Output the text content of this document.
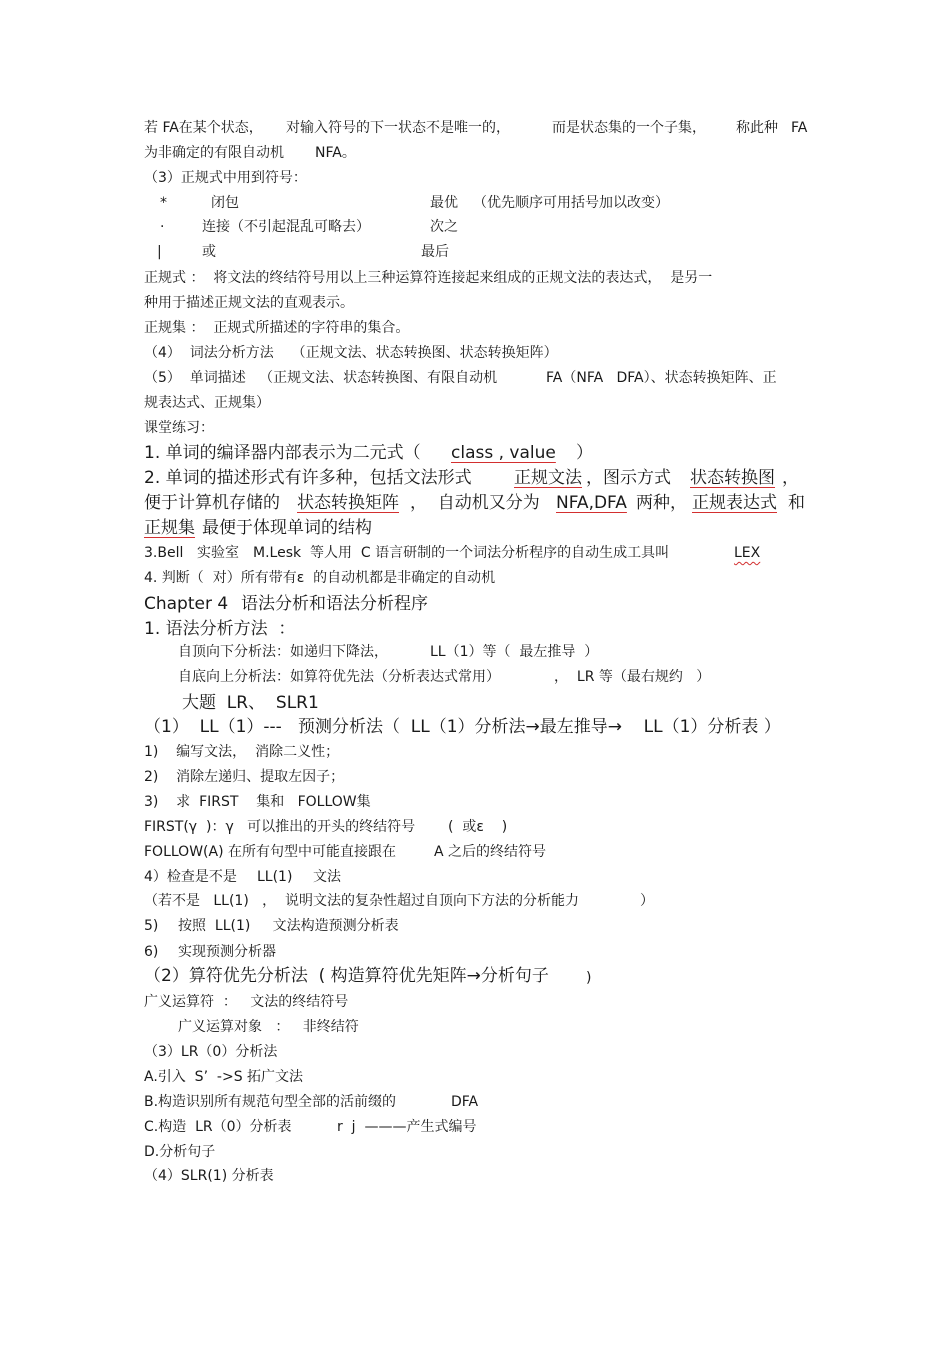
若 FA在某个状态， 对输入符号的下一状态不是唯一的，	而是状态集的一个子集， 称此种 FA
为非确定的有限自动机 NFA。
（3）正规式中用到符号：
*	闭包	最优 （优先顺序可用括号加以改变）
·	连接（不引起混乱可略去）	次之
|	或	最后
正规式 ：  将文法的终结符号用以上三种运算符连接起来组成的正规文法的表达式，  是另一
种用于描述正规文法的直观表示。
正规集 ：  正规式所描述的字符串的集合。
（4）  词法分析方法    （正规文法、状态转换图、状态转换矩阵）
（5）  单词描述   （正规文法、状态转换图、有限自动机	FA（NFA   DFA）、状态转换矩阵、正
规表达式、正规集）
课堂练习：
1. 单词的编译器内部表示为二元式（ class , value ）
2. 单词的描述形式有许多种，包括文法形式 正规文法 ，图示方式 状态转换图 ，
便于计算机存储的 状态转换矩阵 ，  自动机又分为 NFA,DFA 两种， 正规表达式 和
正规集 最便于体现单词的结构
3.Bell 实验室 M.Lesk  等人用  C 语言研制的一个词法分析程序的自动生成工具叫	LEX
4. 判断（  对）所有带有ε  的自动机都是非确定的自动机
Chapter 4 语法分析和语法分析程序
1. 语法分析方法  ：
自顶向下分析法：如递归下降法，	LL（1）等（  最左推导  ）
自底向上分析法：如算符优先法（分析表达式常用）	，  LR 等（最右规约   ）
大题  LR、  SLR1
（1）  LL（1）---   预测分析法（  LL（1）分析法→最左推导→    LL（1）分析表 ）
1)    编写文法，  消除二义性；
2)    消除左递归、提取左因子；
3)    求  FIRST    集和   FOLLOW集
FIRST(γ  )：γ   可以推出的开头的终结符号 (  或ε    )
FOLLOW(A) 在所有句型中可能直接跟在	A 之后的终结符号
4）检查是不是 LL(1) 文法
（若不是   LL(1)   ，  说明文法的复杂性超过自顶向下方法的分析能力	）
5) 按照  LL(1)     文法构造预测分析表
6) 实现预测分析器
（2）算符优先分析法  ( 构造算符优先矩阵→分析句子	)
广义运算符  ：   文法的终结符号
广义运算对象   ：   非终结符
（3）LR（0）分析法
A.引入  S’  ->S 拓广文法
B.构造识别所有规范句型全部的活前缀的	DFA
C.构造  LR（0）分析表	r  j  ———产生式编号
D.分析句子
（4）SLR(1) 分析表
